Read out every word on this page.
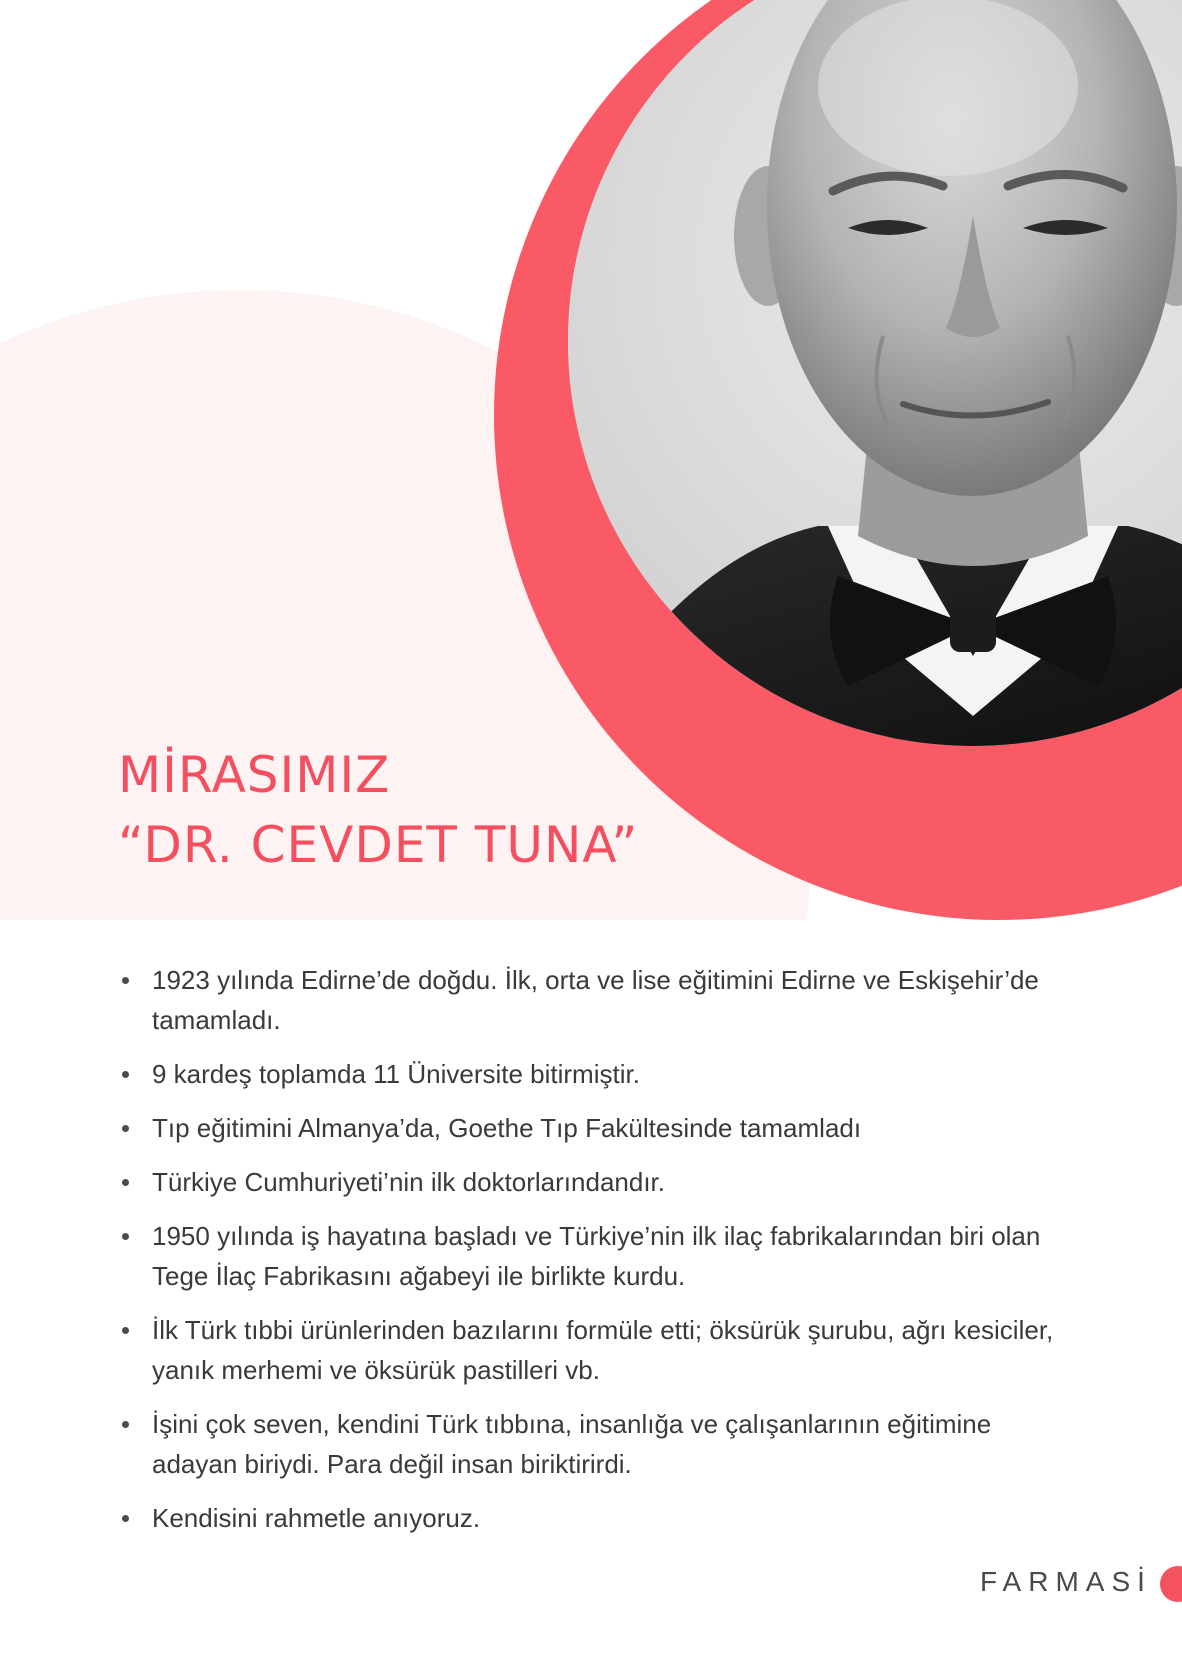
MİRASIMIZ
“DR. CEVDET TUNA”
1923 yılında Edirne’de doğdu. İlk, orta ve lise eğitimini Edirne ve Eskişehir’de tamamladı.
9 kardeş toplamda 11 Üniversite bitirmiştir.
Tıp eğitimini Almanya’da, Goethe Tıp Fakültesinde tamamladı
Türkiye Cumhuriyeti’nin ilk doktorlarındandır.
1950 yılında iş hayatına başladı ve Türkiye’nin ilk ilaç fabrikalarından biri olan Tege İlaç Fabrikasını ağabeyi ile birlikte kurdu.
İlk Türk tıbbi ürünlerinden bazılarını formüle etti; öksürük şurubu, ağrı kesiciler, yanık merhemi ve öksürük pastilleri vb.
İşini çok seven, kendini Türk tıbbına, insanlığa ve çalışanlarının eğitimine adayan biriydi. Para değil insan biriktirirdi.
Kendisini rahmetle anıyoruz.
FARMASİ
